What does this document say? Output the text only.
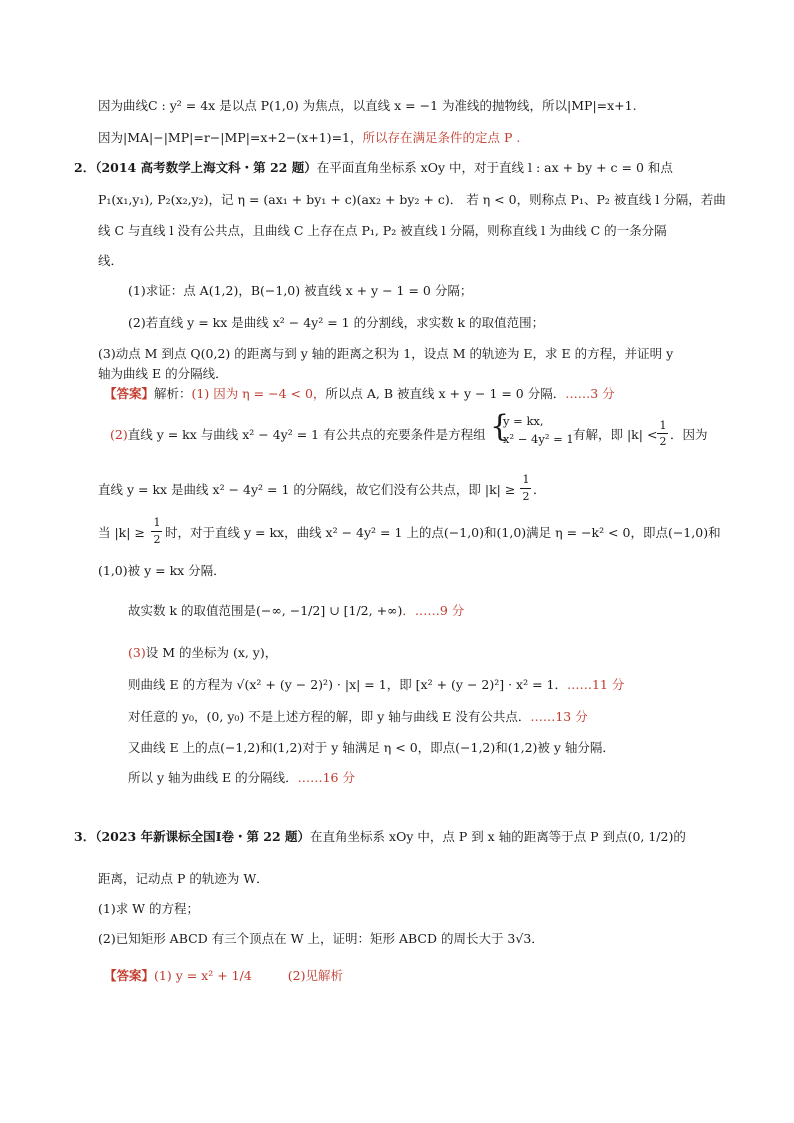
因为曲线C : y² = 4x 是以点 P(1,0) 为焦点，以直线 x = −1 为准线的抛物线，所以|MP|=x+1.
因为|MA|−|MP|=r−|MP|=x+2−(x+1)=1，所以存在满足条件的定点 P .
2．（2014 高考数学上海文科・第 22 题）在平面直角坐标系 xOy 中，对于直线 l : ax + by + c = 0 和点
P₁(x₁,y₁), P₂(x₂,y₂)，记 η = (ax₁ + by₁ + c)(ax₂ + by₂ + c)． 若 η < 0，则称点 P₁、P₂ 被直线 l 分隔，若曲
线 C 与直线 l 没有公共点，且曲线 C 上存在点 P₁, P₂ 被直线 l 分隔，则称直线 l 为曲线 C 的一条分隔
线．
(1)求证：点 A(1,2)，B(−1,0) 被直线 x + y − 1 = 0 分隔；
(2)若直线 y = kx 是曲线 x² − 4y² = 1 的分割线，求实数 k 的取值范围；
(3)动点 M 到点 Q(0,2) 的距离与到 y 轴的距离之积为 1，设点 M 的轨迹为 E，求 E 的方程，并证明 y
轴为曲线 E 的分隔线．
【答案】解析：(1) 因为 η = −4 < 0，所以点 A, B 被直线 x + y − 1 = 0 分隔．……3 分
(2)直线 y = kx 与曲线 x² − 4y² = 1 有公共点的充要条件是方程组 {
y = kx,
x² − 4y² = 1 有解，即 |k| <
1
2 ．因为
直线 y = kx 是曲线 x² − 4y² = 1 的分隔线，故它们没有公共点，即 |k| ≥
1
2 ．
当 |k| ≥
1
2 时，对于直线 y = kx，曲线 x² − 4y² = 1 上的点(−1,0)和(1,0)满足 η = −k² < 0，即点(−1,0)和
(1,0)被 y = kx 分隔．
故实数 k 的取值范围是(−∞, −1/2] ∪ [1/2, +∞)．……9 分
(3)设 M 的坐标为 (x, y)，
则曲线 E 的方程为 √(x² + (y − 2)²) · |x| = 1，即 [x² + (y − 2)²] · x² = 1．……11 分
对任意的 y₀，(0, y₀) 不是上述方程的解，即 y 轴与曲线 E 没有公共点．……13 分
又曲线 E 上的点(−1,2)和(1,2)对于 y 轴满足 η < 0，即点(−1,2)和(1,2)被 y 轴分隔．
所以 y 轴为曲线 E 的分隔线．……16 分
3．（2023 年新课标全国Ⅰ卷・第 22 题）在直角坐标系 xOy 中，点 P 到 x 轴的距离等于点 P 到点(0, 1/2)的
距离，记动点 P 的轨迹为 W．
(1)求 W 的方程；
(2)已知矩形 ABCD 有三个顶点在 W 上，证明：矩形 ABCD 的周长大于 3√3．
【答案】(1) y = x² + 1/4	(2)见解析
